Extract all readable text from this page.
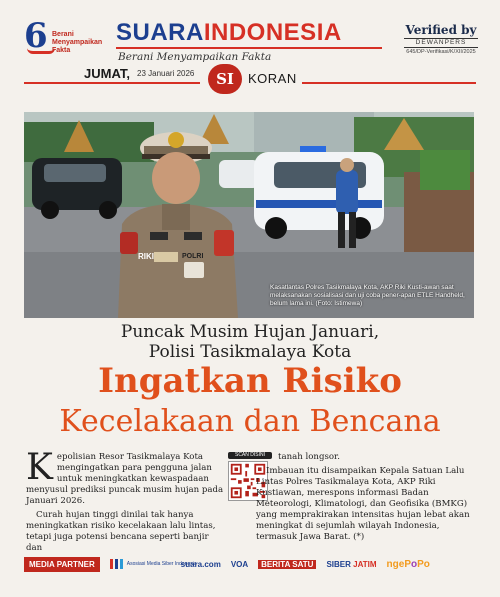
6 Berani Menyampaikan Fakta
SUARAINDONESIA
Berani Menyampaikan Fakta
Verified by
DEWANPERS
645/DP-Verifikasi/K/XII/2025
JUMAT, 23 Januari 2026	SI	KORAN
RIKI	POLRI
Kasatlantas Polres Tasikmalaya Kota, AKP Riki Kusti-awan saat melaksanakan sosialisasi dan uji coba pener-apan ETLE Handheld, belum lama ini. (Foto: Istimewa)
Puncak Musim Hujan Januari,
Polisi Tasikmalaya Kota
Ingatkan Risiko
Kecelakaan dan Bencana

Kepolisian Resor Tasikmalaya Kota mengingatkan para pengguna jalan untuk meningkatkan kewaspadaan menyusul prediksi puncak musim hujan pada Januari 2026.

Curah hujan tinggi dinilai tak hanya meningkatkan risiko kecelakaan lalu lintas, tetapi juga potensi bencana seperti banjir dan

SCAN DISINI	tanah longsor.
Imbauan itu disampaikan Kepala Satuan Lalu Lintas Polres Tasikmalaya Kota, AKP Riki Kustiawan, merespons informasi Badan Meteorologi, Klimatologi, dan Geofisika (BMKG) yang memprakirakan intensitas hujan lebat akan meningkat di sejumlah wilayah Indonesia, termasuk Jawa Barat. (*)
MEDIA PARTNER	Asosiasi Media Siber Indonesia
suara.com VOA	BERITA SATU	SIBER JATIM ngePoPo
